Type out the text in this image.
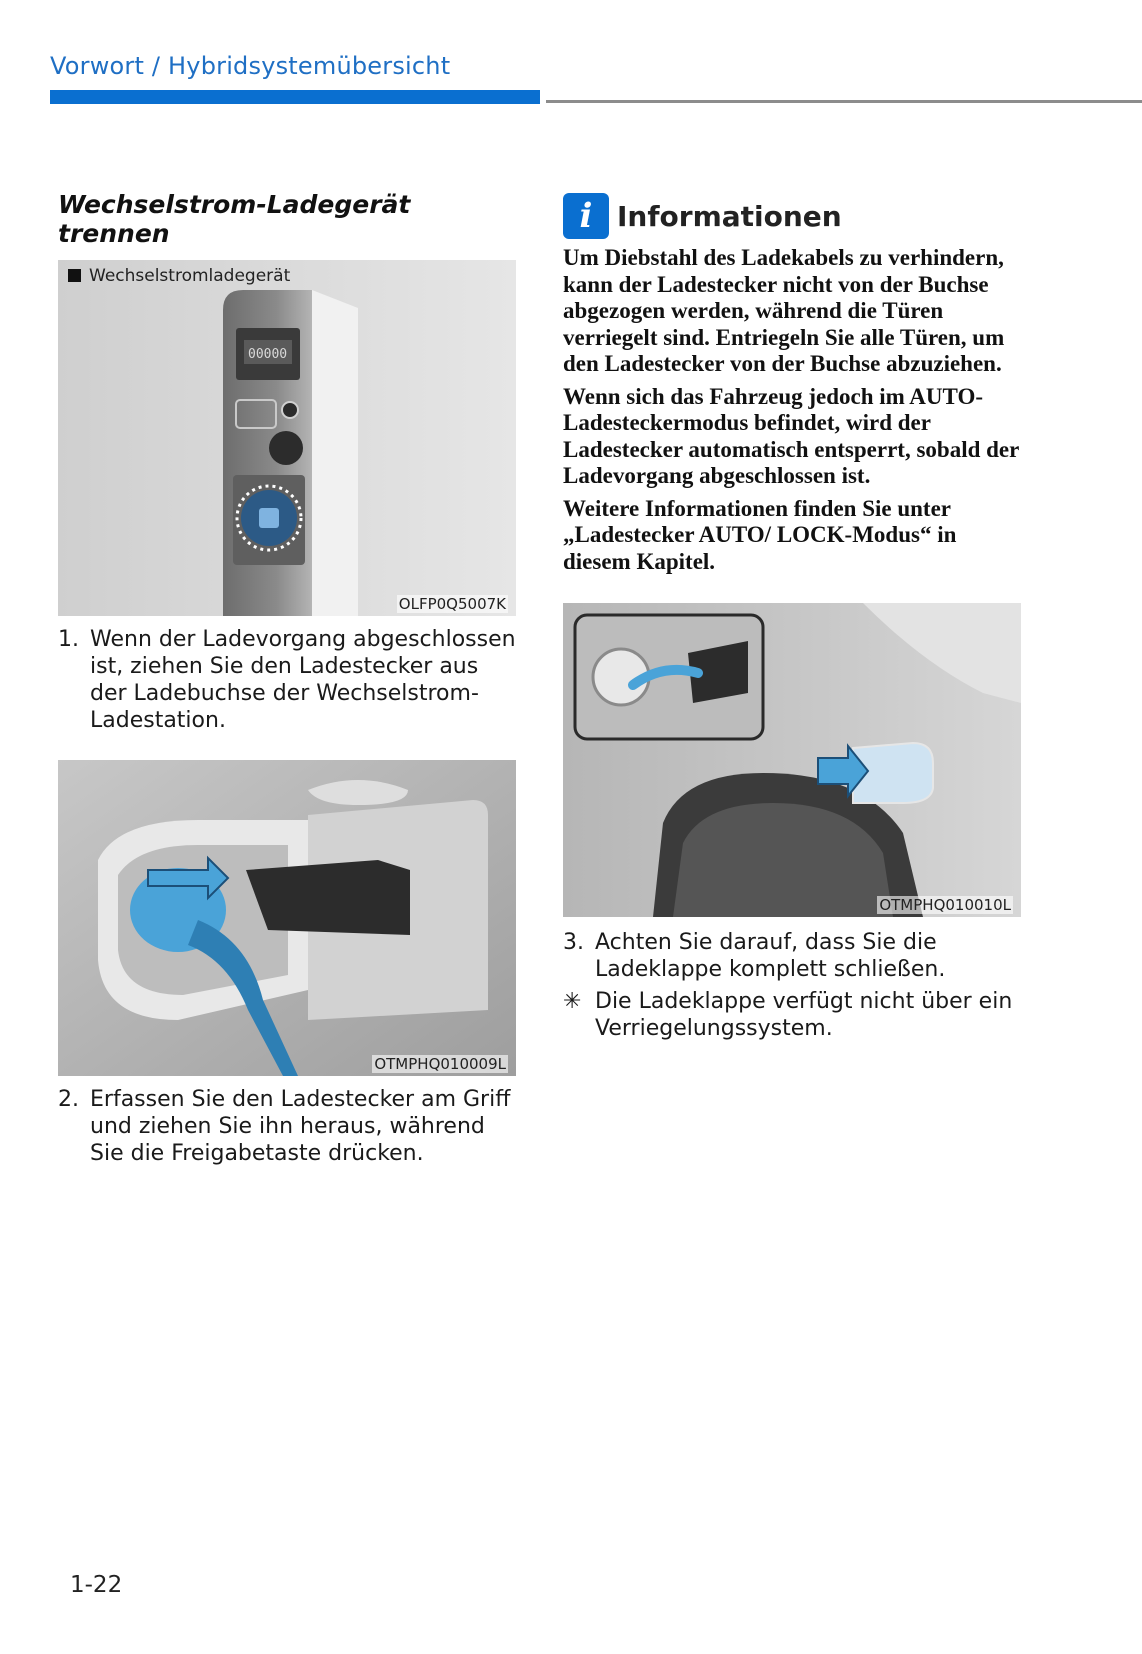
Vorwort / Hybridsystemübersicht
Wechselstrom-Ladegerät trennen
00000
Wechselstromladegerät
OLFP0Q5007K
1. Wenn der Ladevorgang abgeschlossen ist, ziehen Sie den Ladestecker aus der Ladebuchse der Wechselstrom-Ladestation.
OTMPHQ010009L
2. Erfassen Sie den Ladestecker am Griff und ziehen Sie ihn heraus, während Sie die Freigabetaste drücken.
i Informationen

Um Diebstahl des Ladekabels zu verhindern, kann der Ladestecker nicht von der Buchse abgezogen werden, während die Türen verriegelt sind. Entriegeln Sie alle Türen, um den Ladestecker von der Buchse abzuziehen.

Wenn sich das Fahrzeug jedoch im AUTO-Ladesteckermodus befindet, wird der Ladestecker automatisch entsperrt, sobald der Ladevorgang abgeschlossen ist.

Weitere Informationen finden Sie unter „Ladestecker AUTO/ LOCK-Modus“ in diesem Kapitel.

OTMPHQ010010L
3. Achten Sie darauf, dass Sie die Ladeklappe komplett schließen.
✳ Die Ladeklappe verfügt nicht über ein Verriegelungssystem.
1-22
